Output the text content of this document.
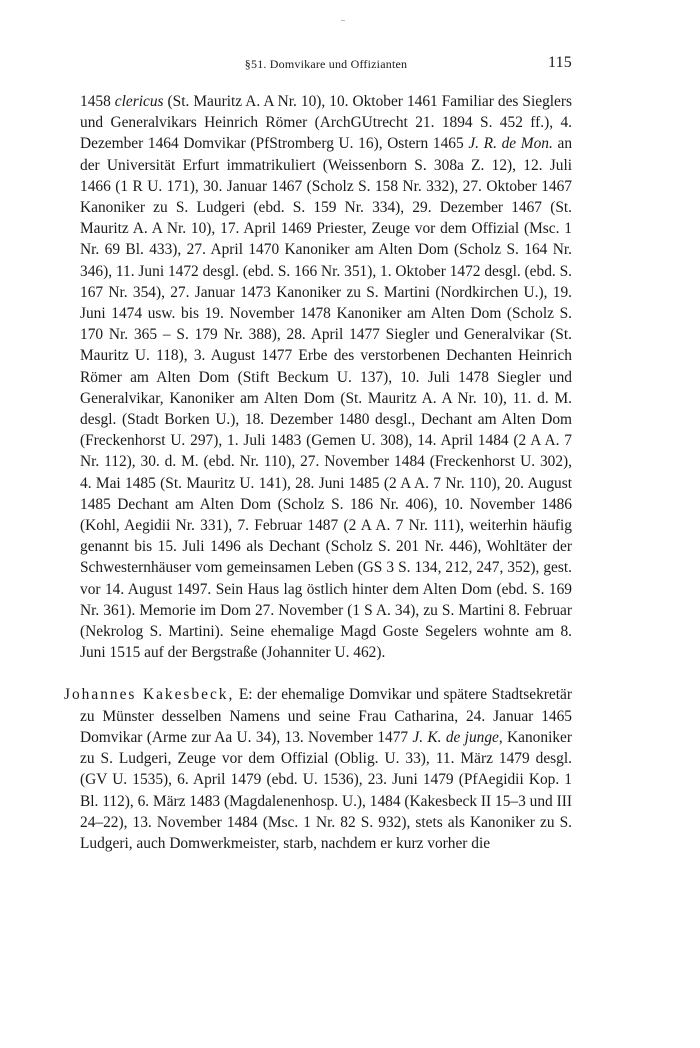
§51. Domvikare und Offizianten	115

1458 clericus (St. Mauritz A. A Nr. 10), 10. Oktober 1461 Familiar des Sieglers und Generalvikars Heinrich Römer (ArchGUtrecht 21. 1894 S. 452 ff.), 4. Dezember 1464 Domvikar (PfStromberg U. 16), Ostern 1465 J. R. de Mon. an der Universität Erfurt immatrikuliert (Weissenborn S. 308a Z. 12), 12. Juli 1466 (1 R U. 171), 30. Januar 1467 (Scholz S. 158 Nr. 332), 27. Oktober 1467 Kanoniker zu S. Ludgeri (ebd. S. 159 Nr. 334), 29. Dezember 1467 (St. Mauritz A. A Nr. 10), 17. April 1469 Priester, Zeuge vor dem Offizial (Msc. 1 Nr. 69 Bl. 433), 27. April 1470 Kanoniker am Alten Dom (Scholz S. 164 Nr. 346), 11. Juni 1472 desgl. (ebd. S. 166 Nr. 351), 1. Oktober 1472 desgl. (ebd. S. 167 Nr. 354), 27. Januar 1473 Kanoniker zu S. Martini (Nordkirchen U.), 19. Juni 1474 usw. bis 19. November 1478 Kanoniker am Alten Dom (Scholz S. 170 Nr. 365 – S. 179 Nr. 388), 28. April 1477 Siegler und Generalvikar (St. Mauritz U. 118), 3. August 1477 Erbe des verstorbenen Dechanten Heinrich Römer am Alten Dom (Stift Beckum U. 137), 10. Juli 1478 Siegler und Generalvikar, Kanoniker am Alten Dom (St. Mauritz A. A Nr. 10), 11. d. M. desgl. (Stadt Borken U.), 18. Dezember 1480 desgl., Dechant am Alten Dom (Freckenhorst U. 297), 1. Juli 1483 (Gemen U. 308), 14. April 1484 (2 A A. 7 Nr. 112), 30. d. M. (ebd. Nr. 110), 27. November 1484 (Freckenhorst U. 302), 4. Mai 1485 (St. Mauritz U. 141), 28. Juni 1485 (2 A A. 7 Nr. 110), 20. August 1485 Dechant am Alten Dom (Scholz S. 186 Nr. 406), 10. November 1486 (Kohl, Aegidii Nr. 331), 7. Februar 1487 (2 A A. 7 Nr. 111), weiterhin häufig genannt bis 15. Juli 1496 als Dechant (Scholz S. 201 Nr. 446), Wohltäter der Schwesternhäuser vom gemeinsamen Leben (GS 3 S. 134, 212, 247, 352), gest. vor 14. August 1497. Sein Haus lag östlich hinter dem Alten Dom (ebd. S. 169 Nr. 361). Memorie im Dom 27. November (1 S A. 34), zu S. Martini 8. Februar (Nekrolog S. Martini). Seine ehemalige Magd Goste Segelers wohnte am 8. Juni 1515 auf der Bergstraße (Johanniter U. 462).

Johannes Kakesbeck, E: der ehemalige Domvikar und spätere Stadtsekretär zu Münster desselben Namens und seine Frau Catharina, 24. Januar 1465 Domvikar (Arme zur Aa U. 34), 13. November 1477 J. K. de junge, Kanoniker zu S. Ludgeri, Zeuge vor dem Offizial (Oblig. U. 33), 11. März 1479 desgl. (GV U. 1535), 6. April 1479 (ebd. U. 1536), 23. Juni 1479 (PfAegidii Kop. 1 Bl. 112), 6. März 1483 (Magdalenenhosp. U.), 1484 (Kakesbeck II 15–3 und III 24–22), 13. November 1484 (Msc. 1 Nr. 82 S. 932), stets als Kanoniker zu S. Ludgeri, auch Domwerkmeister, starb, nachdem er kurz vorher die
